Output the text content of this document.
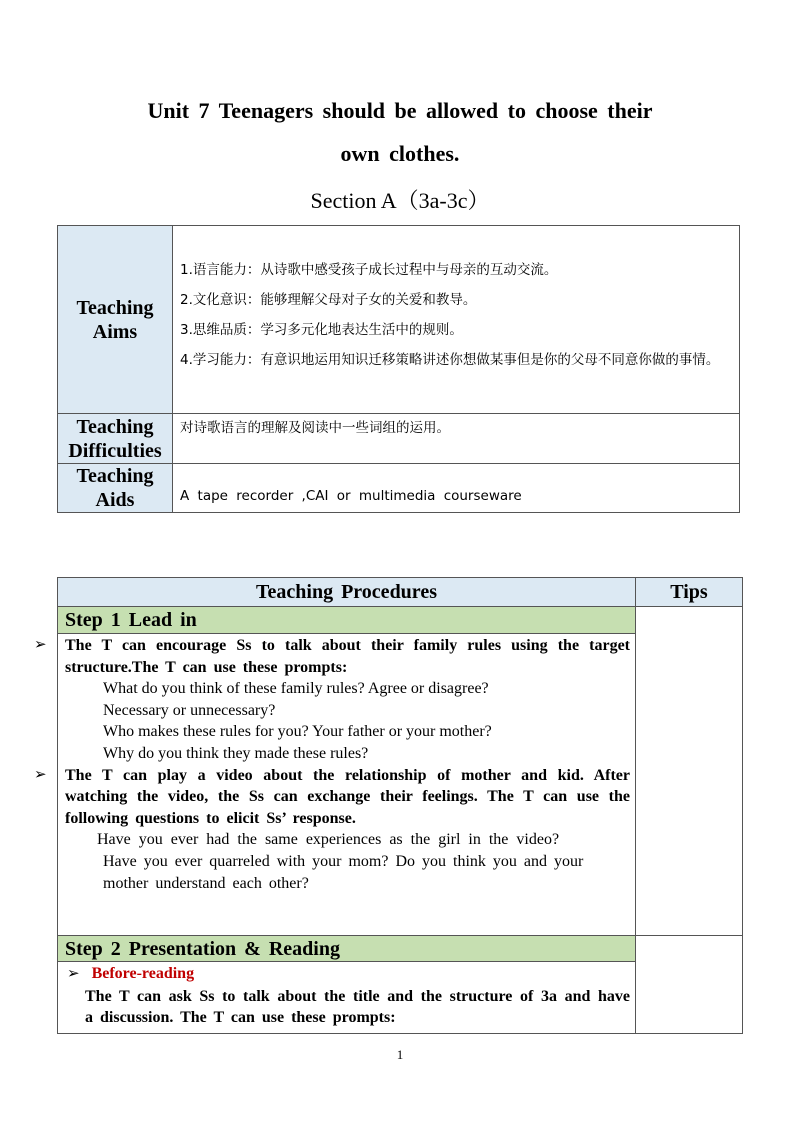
Unit 7 Teenagers should be allowed to choose their
own clothes.
Section A（3a-3c）
Teaching Aims

1.语言能力：从诗歌中感受孩子成长过程中与母亲的互动交流。

2.文化意识：能够理解父母对子女的关爱和教导。

3.思维品质：学习多元化地表达生活中的规则。

4.学习能力：有意识地运用知识迁移策略讲述你想做某事但是你的父母不同意你做的事情。

Teaching Difficulties
对诗歌语言的理解及阅读中一些词组的运用。
Teaching Aids	A tape recorder ,CAI or multimedia courseware
Teaching Procedures	Tips
Step 1 Lead in
➢ The T can encourage Ss to talk about their family rules using the target structure.The T can use these prompts:
What do you think of these family rules? Agree or disagree?
Necessary or unnecessary?
Who makes these rules for you? Your father or your mother?
Why do you think they made these rules?
➢ The T can play a video about the relationship of mother and kid. After watching the video, the Ss can exchange their feelings. The T can use the following questions to elicit Ss’ response.
Have you ever had the same experiences as the girl in the video?
Have you ever quarreled with your mom? Do you think you and your mother understand each other?
Step 2 Presentation & Reading
➢ Before-reading
The T can ask Ss to talk about the title and the structure of 3a and have a discussion. The T can use these prompts:
1
